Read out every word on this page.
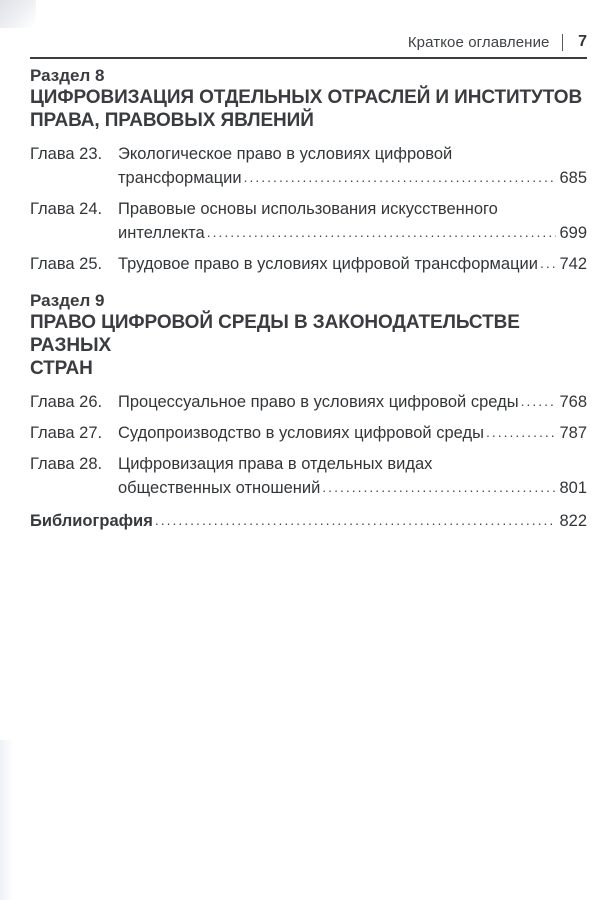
Краткое оглавление 7
Раздел 8
ЦИФРОВИЗАЦИЯ ОТДЕЛЬНЫХ ОТРАСЛЕЙ И ИНСТИТУТОВ
ПРАВА, ПРАВОВЫХ ЯВЛЕНИЙ
Глава 23. Экологическое право в условиях цифровой
трансформации .....	685
Глава 24. Правовые основы использования искусственного
интеллекта .....	699
Глава 25. Трудовое право в условиях цифровой трансформации ..... 742
Раздел 9
ПРАВО ЦИФРОВОЙ СРЕДЫ В ЗАКОНОДАТЕЛЬСТВЕ РАЗНЫХ
СТРАН
Глава 26. Процессуальное право в условиях цифровой среды ..... 768
Глава 27. Судопроизводство в условиях цифровой среды .....	787
Глава 28. Цифровизация права в отдельных видах
общественных отношений .....	801
Библиография .....	822
